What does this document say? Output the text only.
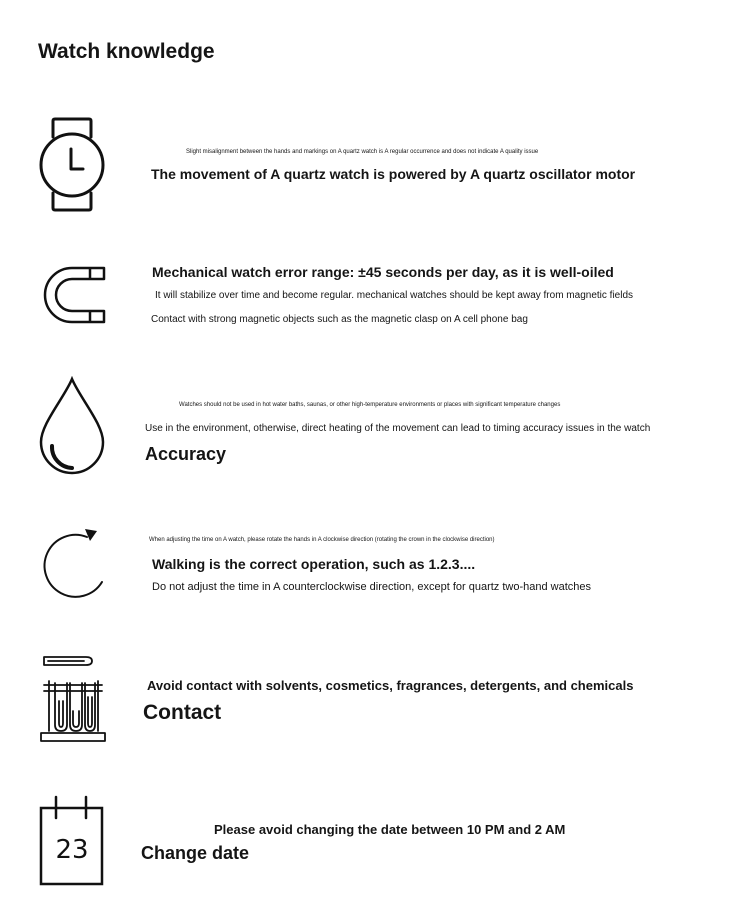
Watch knowledge
Slight misalignment between the hands and markings on A quartz watch is A regular occurrence and does not indicate A quality issue
The movement of A quartz watch is powered by A quartz oscillator motor
Mechanical watch error range: ±45 seconds per day, as it is well-oiled
It will stabilize over time and become regular. mechanical watches should be kept away from magnetic fields
Contact with strong magnetic objects such as the magnetic clasp on A cell phone bag
Watches should not be used in hot water baths, saunas, or other high-temperature environments or places with significant temperature changes
Use in the environment, otherwise, direct heating of the movement can lead to timing accuracy issues in the watch
Accuracy
When adjusting the time on A watch, please rotate the hands in A clockwise direction (rotating the crown in the clockwise direction)
Walking is the correct operation, such as 1.2.3....
Do not adjust the time in A counterclockwise direction, except for quartz two-hand watches
Avoid contact with solvents, cosmetics, fragrances, detergents, and chemicals
Contact
23
Please avoid changing the date between 10 PM and 2 AM
Change date
